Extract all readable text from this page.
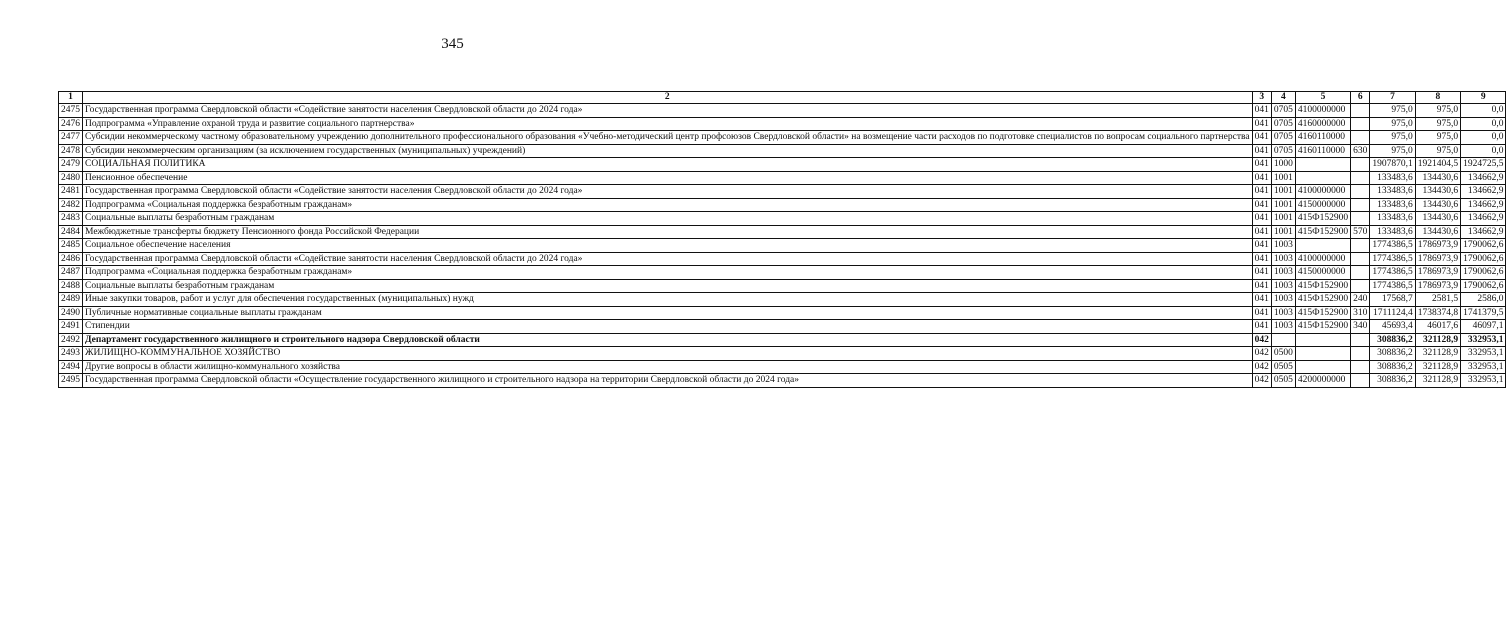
345
1	2	3	4	5	6	7	8	9
2475	Государственная программа Свердловской области «Содействие занятости населения Свердловской области до 2024 года»	041	0705	4100000000		975,0	975,0	0,0
2476	Подпрограмма «Управление охраной труда и развитие социального партнерства»	041	0705	4160000000		975,0	975,0	0,0
2477	Субсидии некоммерческому частному образовательному учреждению дополнительного профессионального образования «Учебно-методический центр профсоюзов Свердловской области» на возмещение части расходов по подготовке специалистов по вопросам социального партнерства	041	0705	4160110000		975,0	975,0	0,0
2478	Субсидии некоммерческим организациям (за исключением государственных (муниципальных) учреждений)	041	0705	4160110000	630	975,0	975,0	0,0
2479	СОЦИАЛЬНАЯ ПОЛИТИКА	041	1000			1907870,1	1921404,5	1924725,5
2480	Пенсионное обеспечение	041	1001			133483,6	134430,6	134662,9
2481	Государственная программа Свердловской области «Содействие занятости населения Свердловской области до 2024 года»	041	1001	4100000000		133483,6	134430,6	134662,9
2482	Подпрограмма «Социальная поддержка безработным гражданам»	041	1001	4150000000		133483,6	134430,6	134662,9
2483	Социальные выплаты безработным гражданам	041	1001	415Ф152900		133483,6	134430,6	134662,9
2484	Межбюджетные трансферты бюджету Пенсионного фонда Российской Федерации	041	1001	415Ф152900	570	133483,6	134430,6	134662,9
2485	Социальное обеспечение населения	041	1003			1774386,5	1786973,9	1790062,6
2486	Государственная программа Свердловской области «Содействие занятости населения Свердловской области до 2024 года»	041	1003	4100000000		1774386,5	1786973,9	1790062,6
2487	Подпрограмма «Социальная поддержка безработным гражданам»	041	1003	4150000000		1774386,5	1786973,9	1790062,6
2488	Социальные выплаты безработным гражданам	041	1003	415Ф152900		1774386,5	1786973,9	1790062,6
2489	Иные закупки товаров, работ и услуг для обеспечения государственных (муниципальных) нужд	041	1003	415Ф152900	240	17568,7	2581,5	2586,0
2490	Публичные нормативные социальные выплаты гражданам	041	1003	415Ф152900	310	1711124,4	1738374,8	1741379,5
2491	Стипендии	041	1003	415Ф152900	340	45693,4	46017,6	46097,1
2492	Департамент государственного жилищного и строительного надзора Свердловской области	042				308836,2	321128,9	332953,1
2493	ЖИЛИЩНО-КОММУНАЛЬНОЕ ХОЗЯЙСТВО	042	0500			308836,2	321128,9	332953,1
2494	Другие вопросы в области жилищно-коммунального хозяйства	042	0505			308836,2	321128,9	332953,1
2495	Государственная программа Свердловской области «Осуществление государственного жилищного и строительного надзора на территории Свердловской области до 2024 года»	042	0505	4200000000		308836,2	321128,9	332953,1
